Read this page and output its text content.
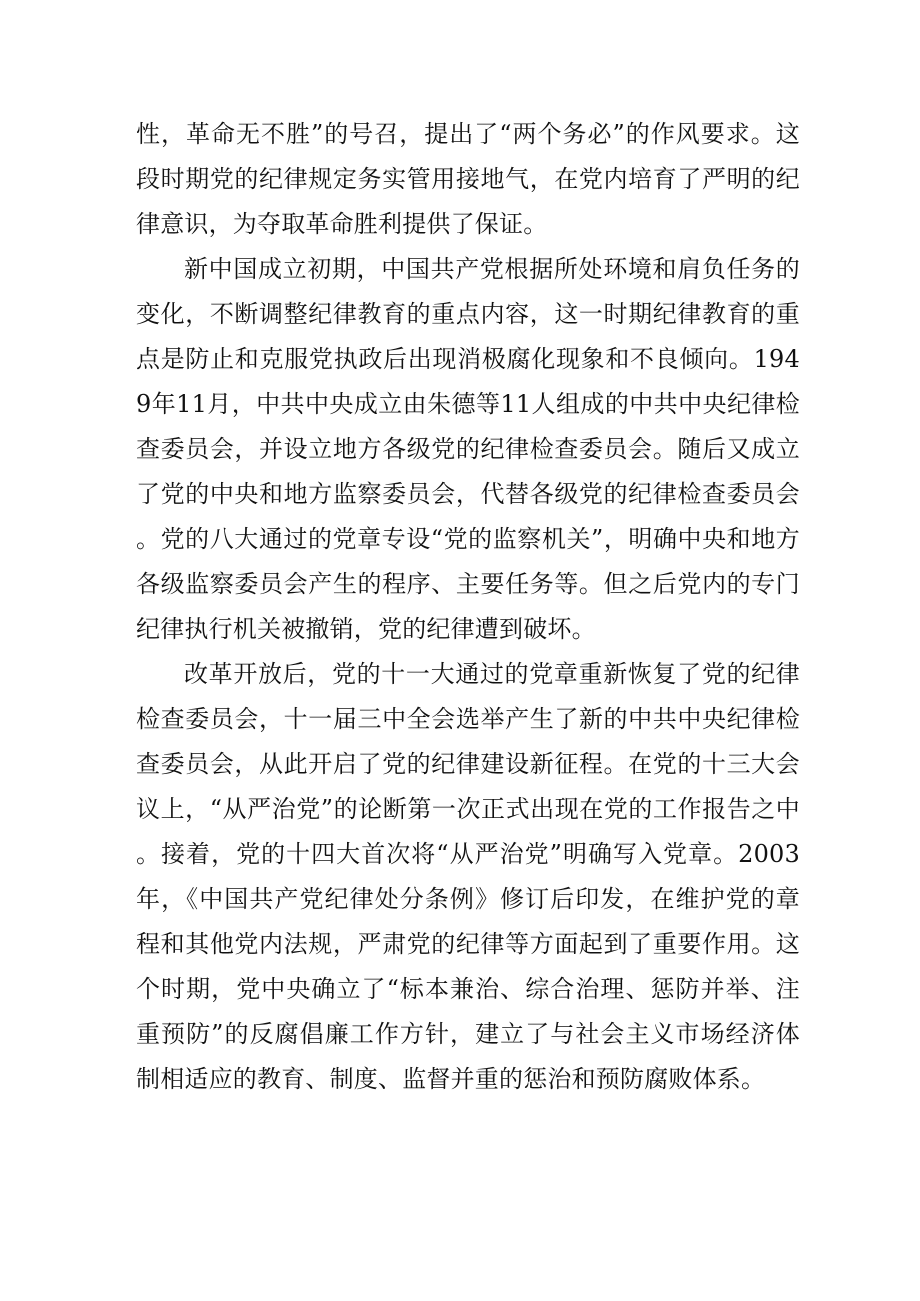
性，革命无不胜”的号召，提出了“两个务必”的作风要求。这段时期党的纪律规定务实管用接地气，在党内培育了严明的纪律意识，为夺取革命胜利提供了保证。

新中国成立初期，中国共产党根据所处环境和肩负任务的变化，不断调整纪律教育的重点内容，这一时期纪律教育的重点是防止和克服党执政后出现消极腐化现象和不良倾向。1949年11月，中共中央成立由朱德等11人组成的中共中央纪律检查委员会，并设立地方各级党的纪律检查委员会。随后又成立了党的中央和地方监察委员会，代替各级党的纪律检查委员会。党的八大通过的党章专设“党的监察机关”，明确中央和地方各级监察委员会产生的程序、主要任务等。但之后党内的专门纪律执行机关被撤销，党的纪律遭到破坏。

改革开放后，党的十一大通过的党章重新恢复了党的纪律检查委员会，十一届三中全会选举产生了新的中共中央纪律检查委员会，从此开启了党的纪律建设新征程。在党的十三大会议上，“从严治党”的论断第一次正式出现在党的工作报告之中。接着，党的十四大首次将“从严治党”明确写入党章。2003年，《中国共产党纪律处分条例》修订后印发，在维护党的章程和其他党内法规，严肃党的纪律等方面起到了重要作用。这个时期，党中央确立了“标本兼治、综合治理、惩防并举、注重预防”的反腐倡廉工作方针，建立了与社会主义市场经济体制相适应的教育、制度、监督并重的惩治和预防腐败体系。
